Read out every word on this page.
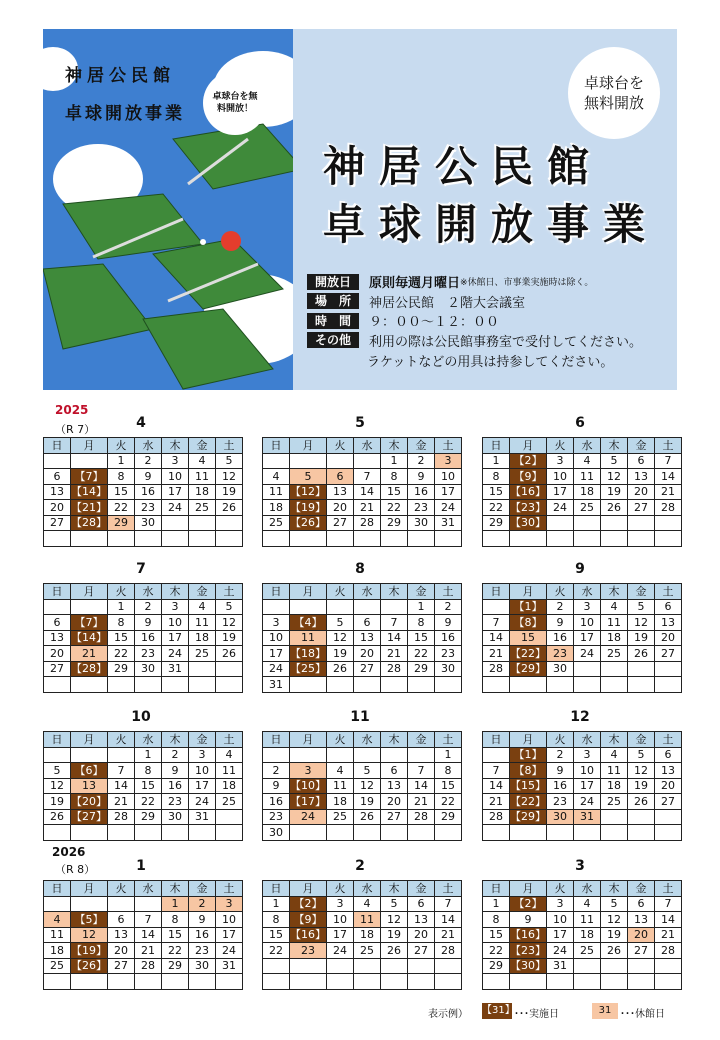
神居公民館
卓球開放事業
卓球台を無料開放！
卓球台を
無料開放
神居公民館
卓球開放事業
開放日	原則毎週月曜日 ※休館日、市事業実施時は除く。
場　所	神居公民館　２階大会議室
時　間	９：００～１２：００
その他	利用の際は公民館事務室で受付してください。
ラケットなどの用具は持参してください。
2025
（R 7）
2026
（R 8）
4
日	月	火	水	木	金	土
		1	2	3	4	5
6	【7】	8	9	10	11	12
13	【14】	15	16	17	18	19
20	【21】	22	23	24	25	26
27	【28】	29	30			

5
日	月	火	水	木	金	土
				1	2	3
4	5	6	7	8	9	10
11	【12】	13	14	15	16	17
18	【19】	20	21	22	23	24
25	【26】	27	28	29	30	31

6
日	月	火	水	木	金	土
1	【2】	3	4	5	6	7
8	【9】	10	11	12	13	14
15	【16】	17	18	19	20	21
22	【23】	24	25	26	27	28
29	【30】					

7
日	月	火	水	木	金	土
		1	2	3	4	5
6	【7】	8	9	10	11	12
13	【14】	15	16	17	18	19
20	21	22	23	24	25	26
27	【28】	29	30	31		

8
日	月	火	水	木	金	土
					1	2
3	【4】	5	6	7	8	9
10	11	12	13	14	15	16
17	【18】	19	20	21	22	23
24	【25】	26	27	28	29	30
31						
9
日	月	火	水	木	金	土
	【1】	2	3	4	5	6
7	【8】	9	10	11	12	13
14	15	16	17	18	19	20
21	【22】	23	24	25	26	27
28	【29】	30				

10
日	月	火	水	木	金	土
			1	2	3	4
5	【6】	7	8	9	10	11
12	13	14	15	16	17	18
19	【20】	21	22	23	24	25
26	【27】	28	29	30	31	

11
日	月	火	水	木	金	土
						1
2	3	4	5	6	7	8
9	【10】	11	12	13	14	15
16	【17】	18	19	20	21	22
23	24	25	26	27	28	29
30						
12
日	月	火	水	木	金	土
	【1】	2	3	4	5	6
7	【8】	9	10	11	12	13
14	【15】	16	17	18	19	20
21	【22】	23	24	25	26	27
28	【29】	30	31			

1
日	月	火	水	木	金	土
				1	2	3
4	【5】	6	7	8	9	10
11	12	13	14	15	16	17
18	【19】	20	21	22	23	24
25	【26】	27	28	29	30	31

2
日	月	火	水	木	金	土
1	【2】	3	4	5	6	7
8	【9】	10	11	12	13	14
15	【16】	17	18	19	20	21
22	23	24	25	26	27	28

3
日	月	火	水	木	金	土
1	【2】	3	4	5	6	7
8	9	10	11	12	13	14
15	【16】	17	18	19	20	21
22	【23】	24	25	26	27	28
29	【30】	31				

表示例） 【31】 ･･･実施日	31 ･･･休館日
